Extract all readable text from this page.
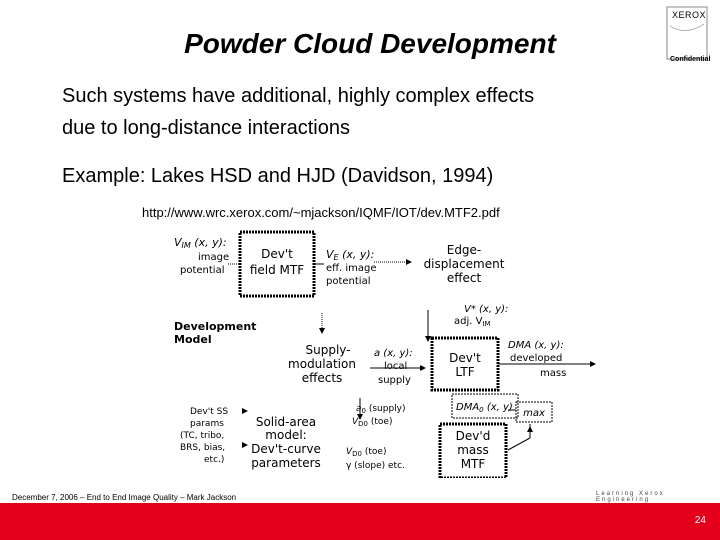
Powder Cloud Development
XEROX
Confidential
Such systems have additional, highly complex effects
due to long-distance interactions
Example: Lakes HSD and HJD (Davidson, 1994)
http://www.wrc.xerox.com/~mjackson/IQMF/IOT/dev.MTF2.pdf
VIM (x, y):
image
potential
Dev't
field MTF
VE (x, y):
eff. image
potential
Edge-
displacement
effect
V* (x, y):
adj. $V_{IM}$
Development
Model
Supply-
modulation
effects
a (x, y):
local
supply
Dev't
LTF
DMA (x, y):
developed
mass
$DMA_0$ (x, y)
max
$a_0$ (supply)
$V_{D0}$ (toe)
Dev't SS
params
(TC, tribo,
BRS, bias,
etc.)
Solid-area
model:
Dev't-curve
parameters
$V_{D0}$ (toe)
γ (slope) etc.
Dev'd
mass
MTF
December 7, 2006 – End to End Image Quality – Mark Jackson	Learning Xerox Engineering
24
